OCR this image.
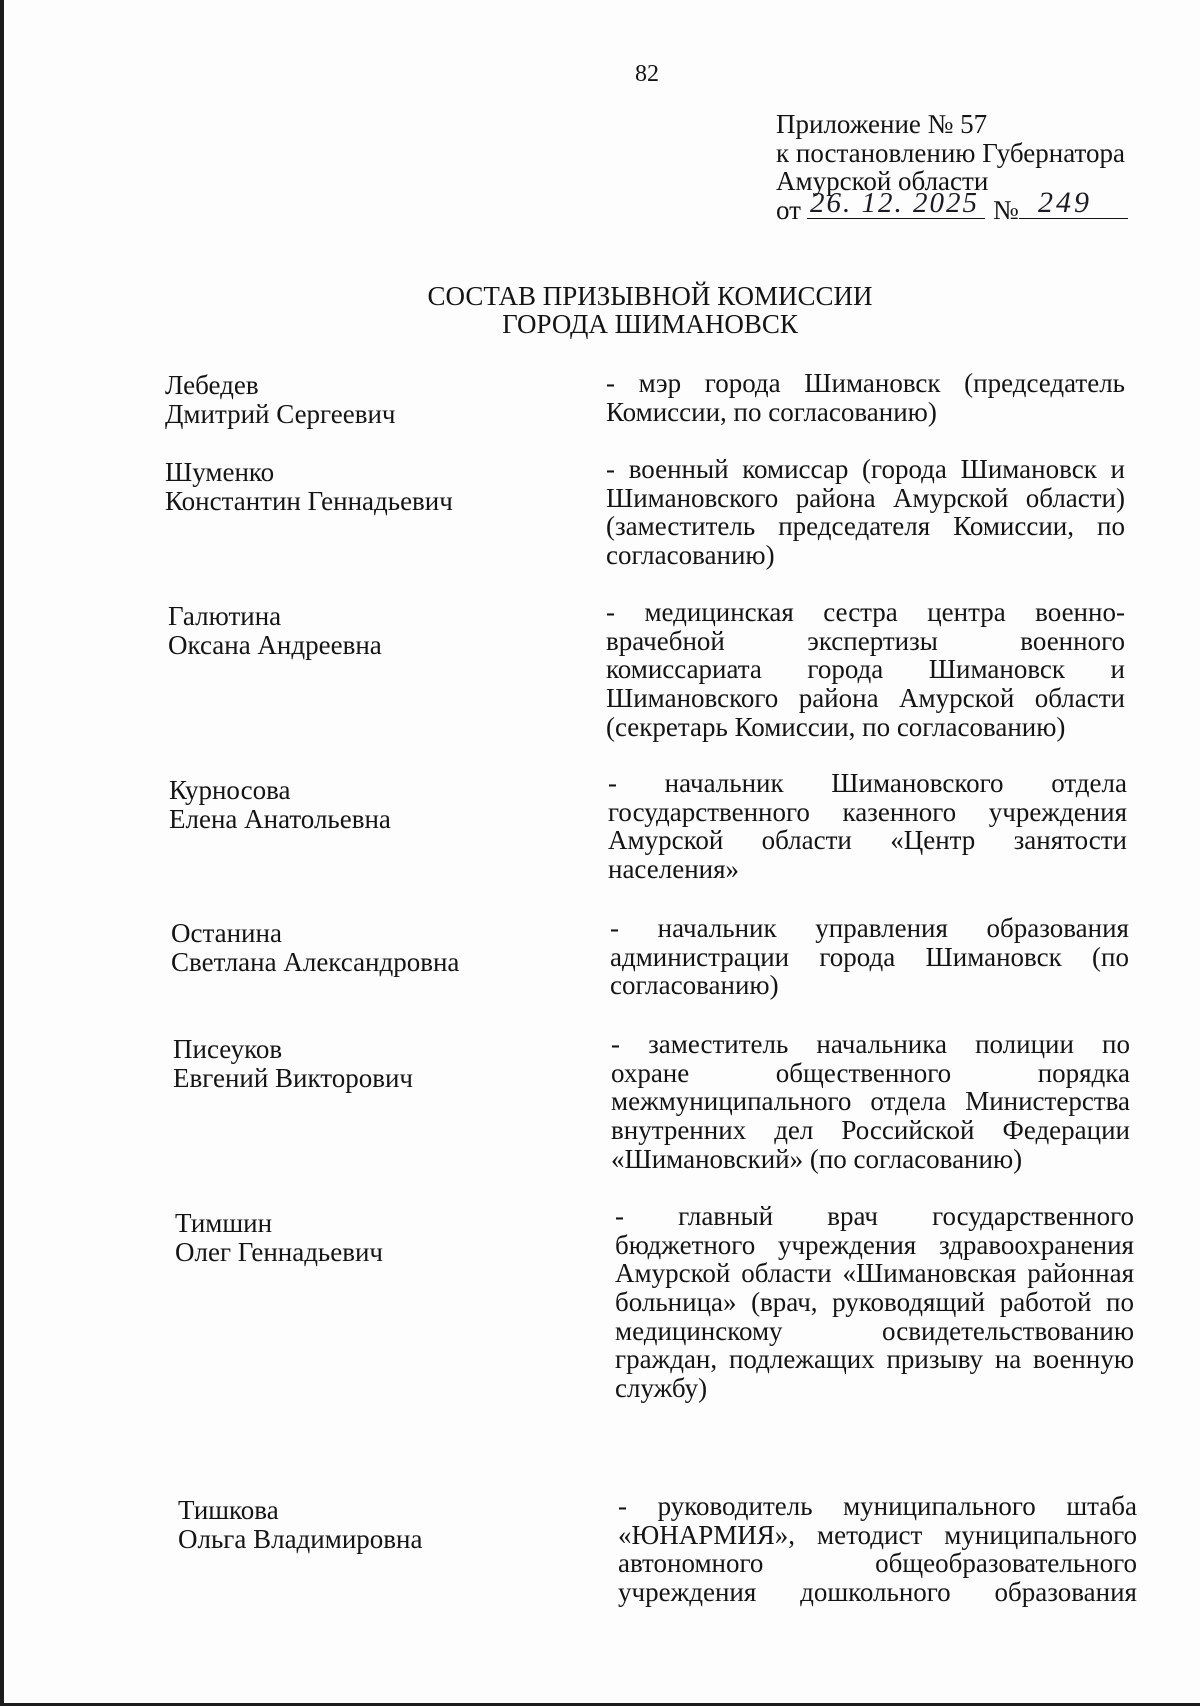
82
Приложение № 57
к постановлению Губернатора
Амурской области
от 26. 12. 2025 № 249
СОСТАВ ПРИЗЫВНОЙ КОМИССИИ
ГОРОДА ШИМАНОВСК
Лебедев
Дмитрий Сергеевич
- мэр города Шимановск (председатель
Комиссии, по согласованию)
Шуменко
Константин Геннадьевич
- военный комиссар (города Шимановск и
Шимановского района Амурской области)
(заместитель председателя Комиссии, по
согласованию)
Галютина
Оксана Андреевна
- медицинская сестра центра военно-
врачебной	экспертизы	военного
комиссариата города Шимановск и
Шимановского района Амурской области
(секретарь Комиссии, по согласованию)
Курносова
Елена Анатольевна
- начальник Шимановского отдела
государственного казенного учреждения
Амурской области «Центр занятости
населения»
Останина
Светлана Александровна
- начальник управления образования
администрации города Шимановск (по
согласованию)
Писеуков
Евгений Викторович
- заместитель начальника полиции по
охране	общественного	порядка
межмуниципального отдела Министерства
внутренних дел Российской Федерации
«Шимановский» (по согласованию)
Тимшин
Олег Геннадьевич
- главный врач государственного
бюджетного учреждения здравоохранения
Амурской области «Шимановская районная
больница» (врач, руководящий работой по
медицинскому	освидетельствованию
граждан, подлежащих призыву на военную
службу)
Тишкова
Ольга Владимировна
- руководитель муниципального штаба
«ЮНАРМИЯ», методист муниципального
автономного	общеобразовательного
учреждения дошкольного образования
